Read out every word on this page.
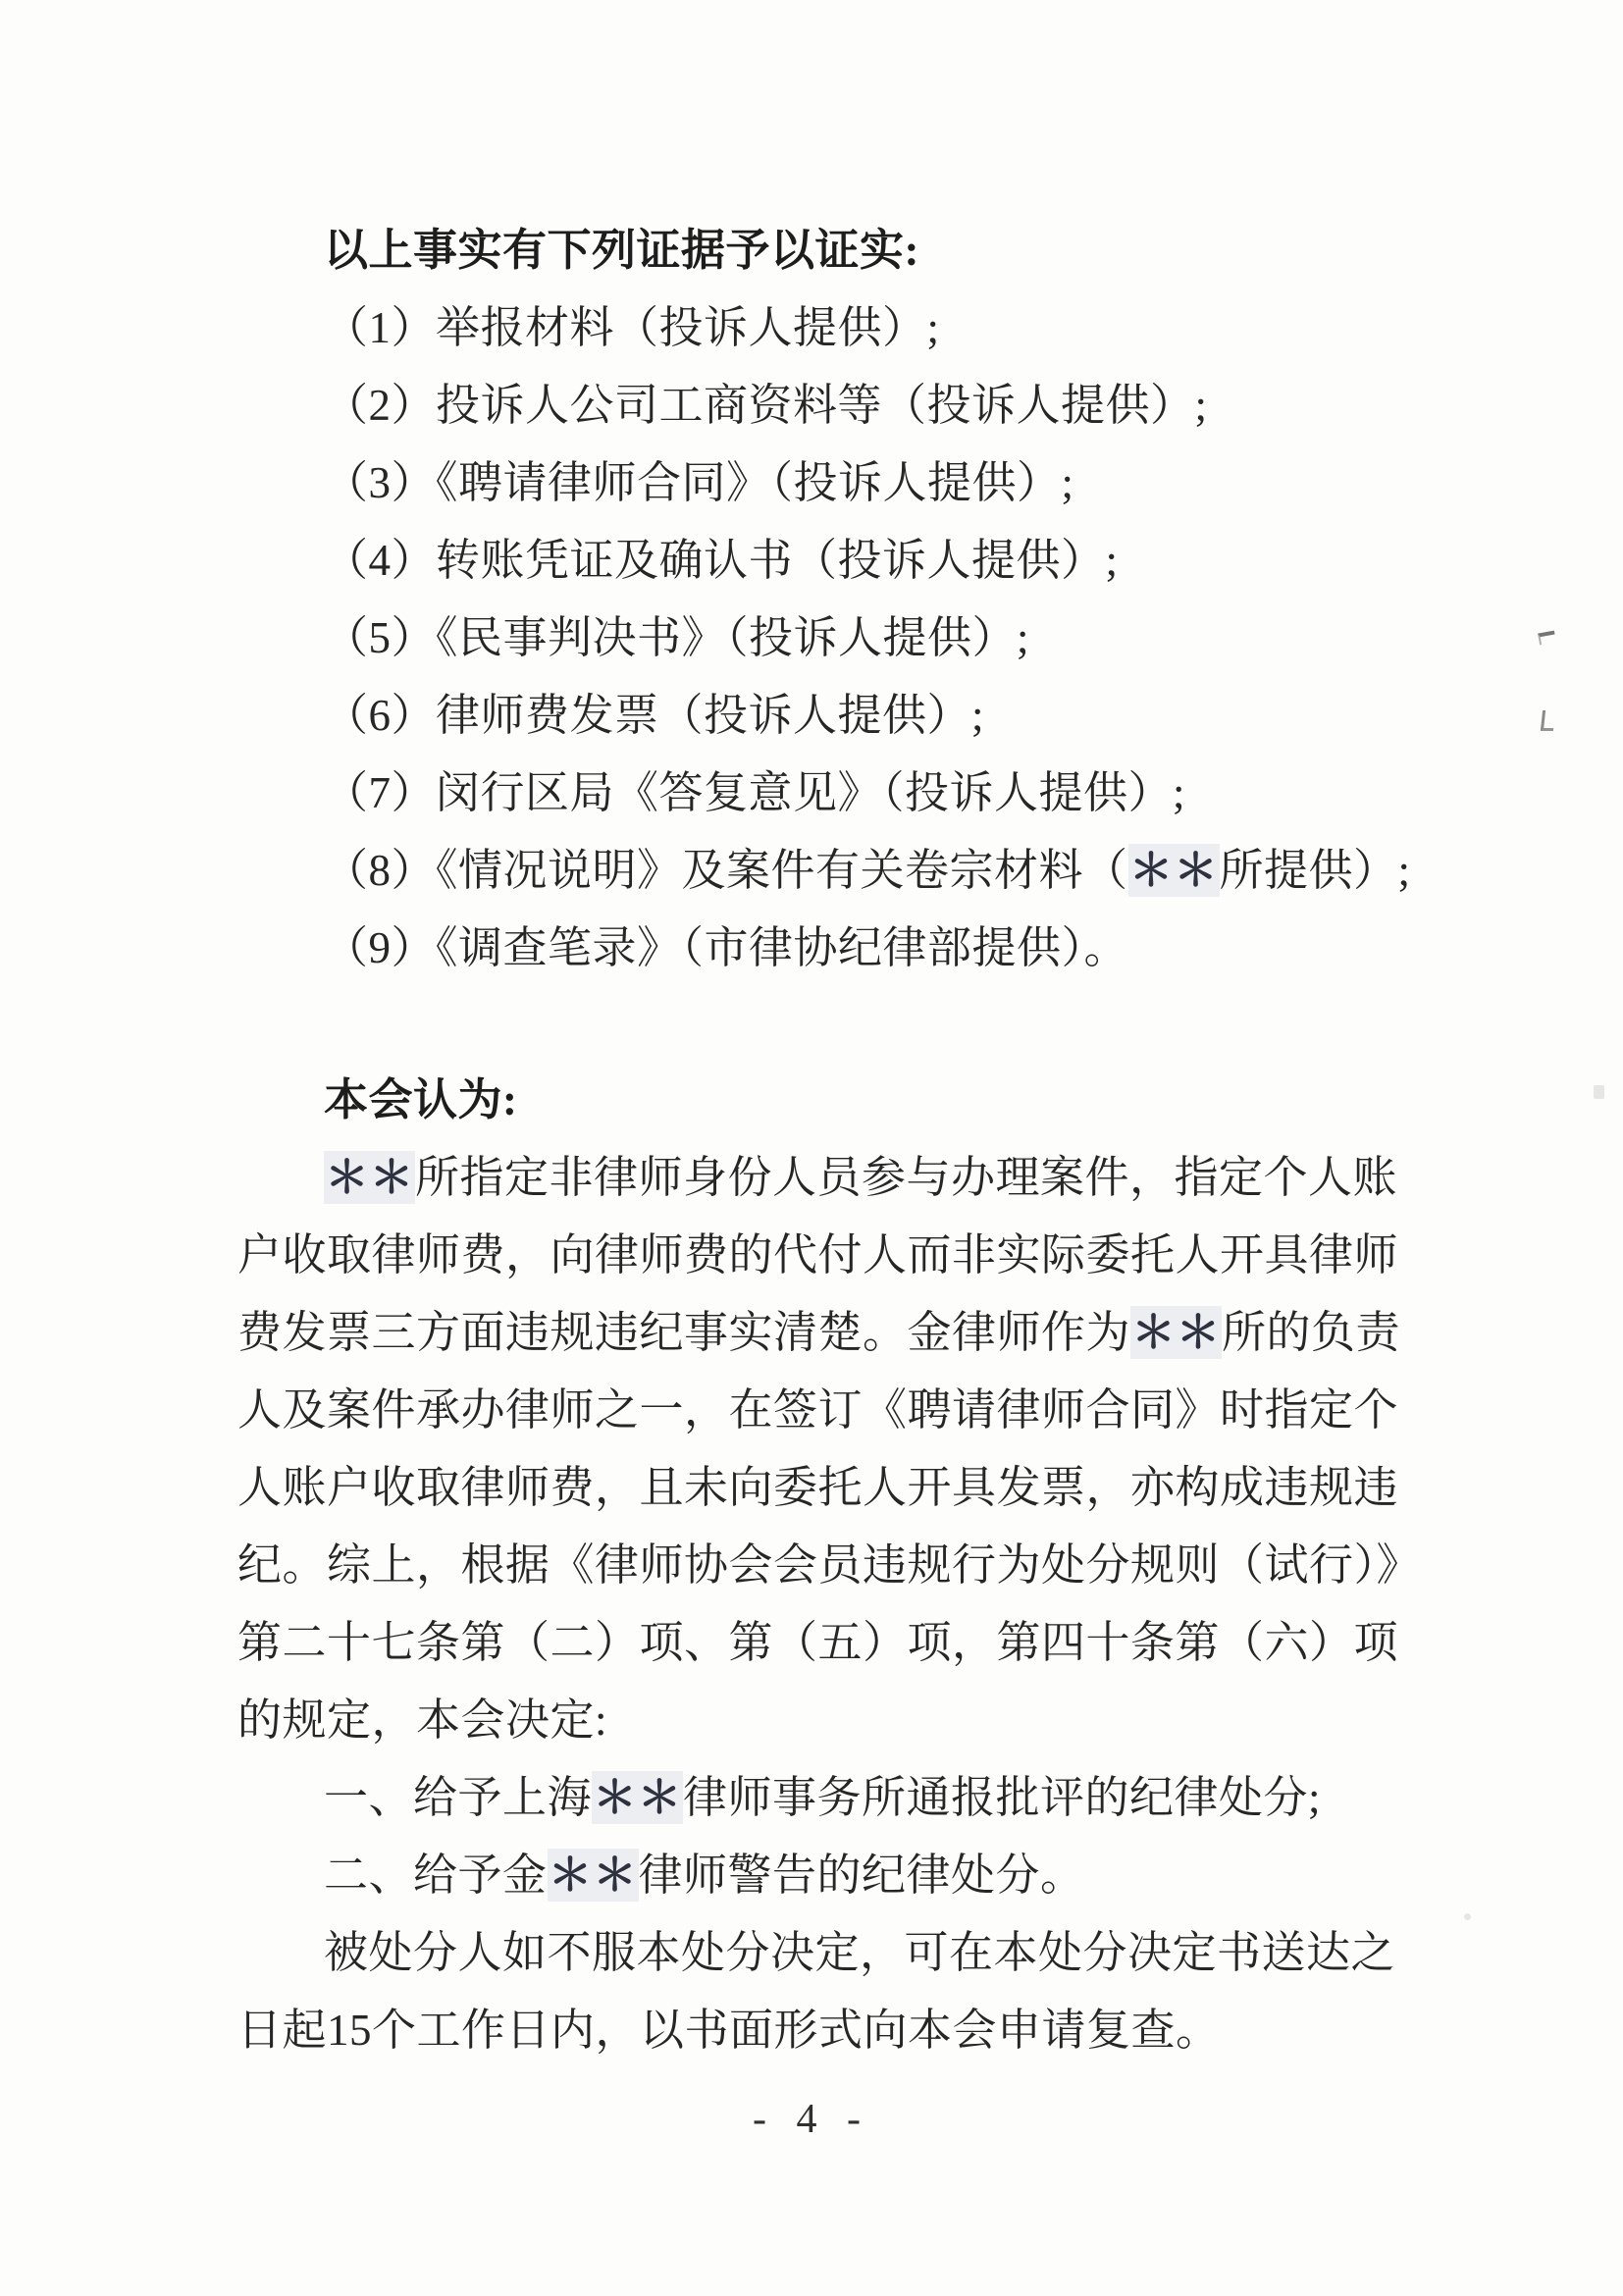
以上事实有下列证据予以证实:
（1）举报材料（投诉人提供）;
（2）投诉人公司工商资料等（投诉人提供）;
（3）《聘请律师合同》（投诉人提供）;
（4）转账凭证及确认书（投诉人提供）;
（5）《民事判决书》（投诉人提供）;
（6）律师费发票（投诉人提供）;
（7）闵行区局《答复意见》（投诉人提供）;
（8）《情况说明》及案件有关卷宗材料（＊＊所提供）;
（9）《调查笔录》（市律协纪律部提供）。
本会认为:
＊＊所指定非律师身份人员参与办理案件，指定个人账
户收取律师费，向律师费的代付人而非实际委托人开具律师
费发票三方面违规违纪事实清楚。金律师作为＊＊所的负责
人及案件承办律师之一，在签订《聘请律师合同》时指定个
人账户收取律师费，且未向委托人开具发票，亦构成违规违
纪。综上，根据《律师协会会员违规行为处分规则（试行）》
第二十七条第（二）项、第（五）项，第四十条第（六）项
的规定，本会决定:
一、给予上海＊＊律师事务所通报批评的纪律处分;
二、给予金＊＊律师警告的纪律处分。
被处分人如不服本处分决定，可在本处分决定书送达之
日起15个工作日内，以书面形式向本会申请复查。
- 4 -
